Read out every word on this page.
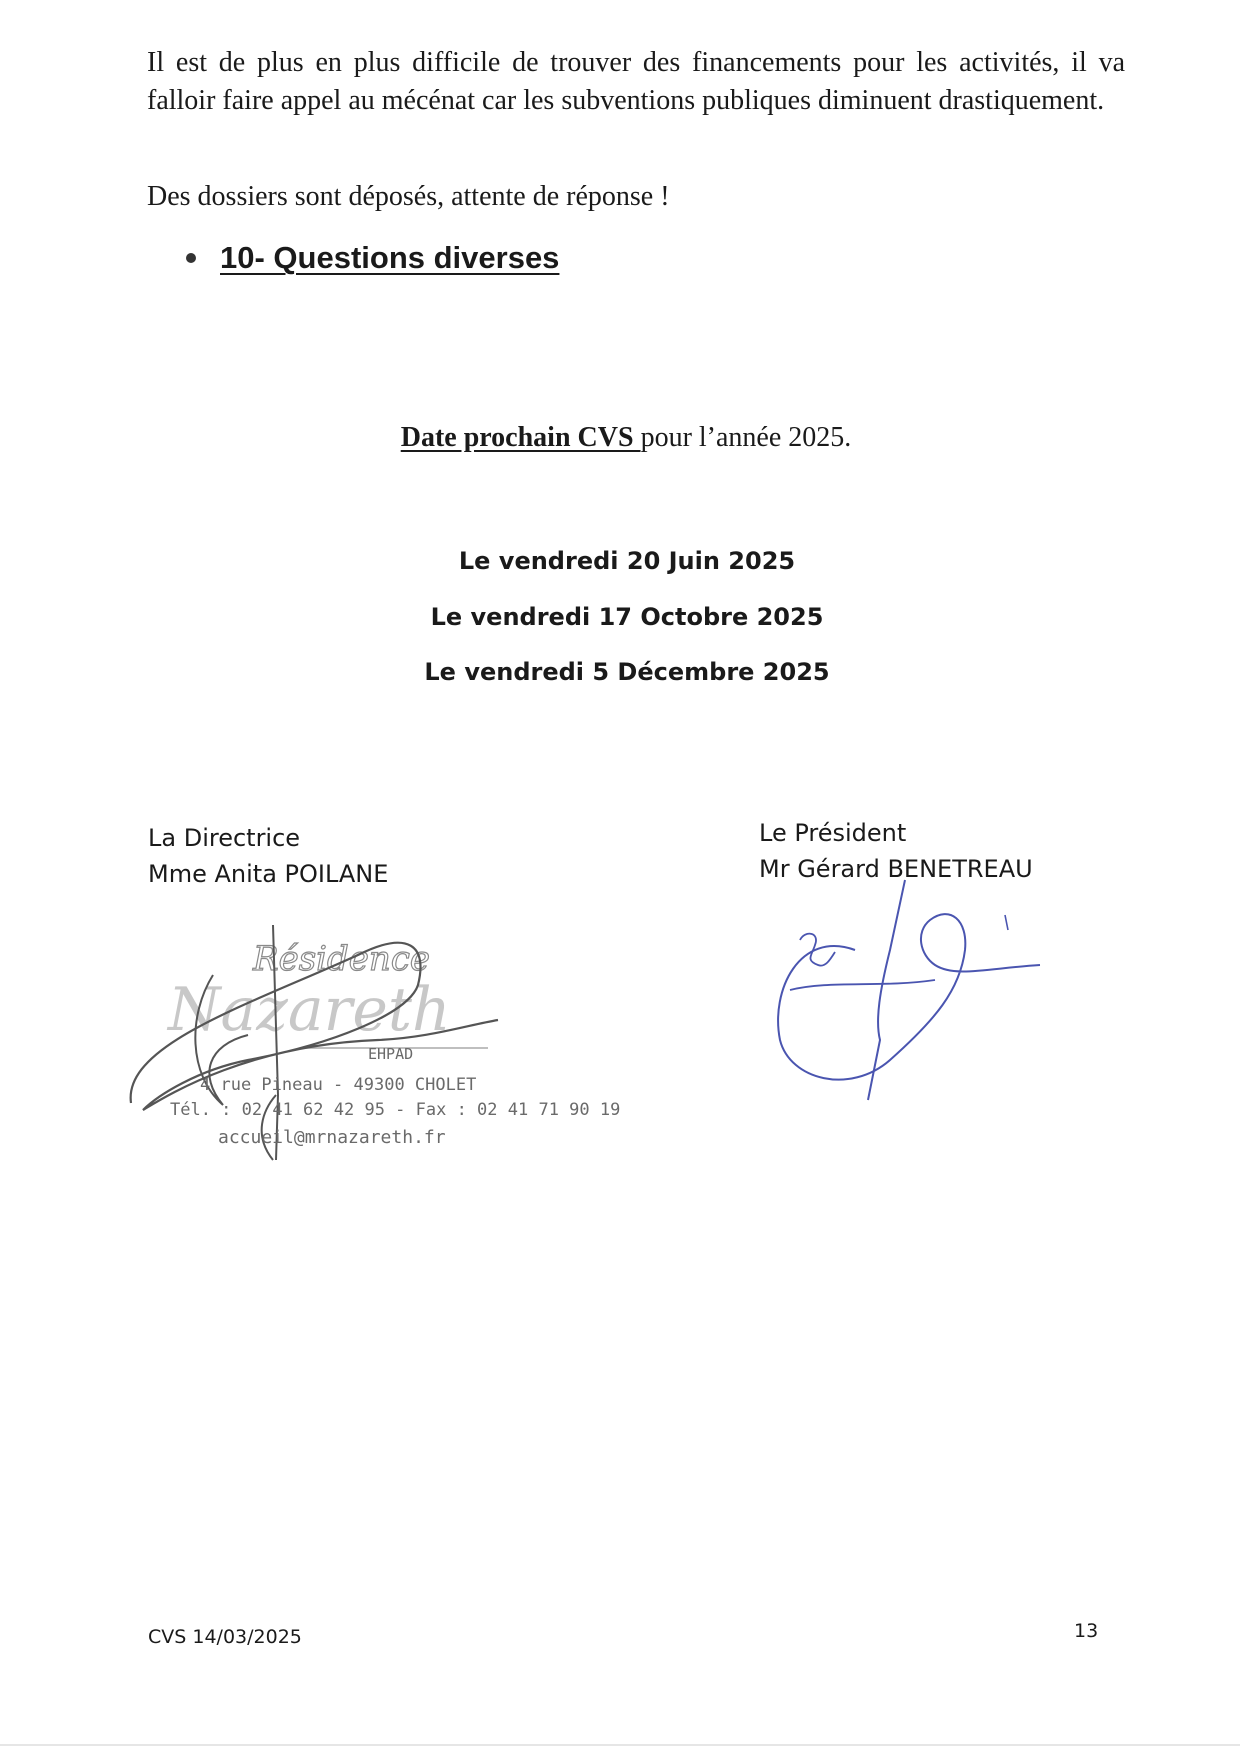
Il est de plus en plus difficile de trouver des financements pour les activités, il va falloir faire appel au mécénat car les subventions publiques diminuent drastiquement.

Des dossiers sont déposés, attente de réponse !

10- Questions diverses
Date prochain CVS pour l’année 2025.
Le vendredi 20 Juin 2025
Le vendredi 17 Octobre 2025
Le vendredi 5 Décembre 2025
La Directrice
Mme Anita POILANE
Le Président
Mr Gérard BENETREAU
Résidence
Nazareth
EHPAD
4 rue Pineau - 49300 CHOLET
Tél. : 02 41 62 42 95 - Fax : 02 41 71 90 19
accueil@mrnazareth.fr
CVS 14/03/2025	13
